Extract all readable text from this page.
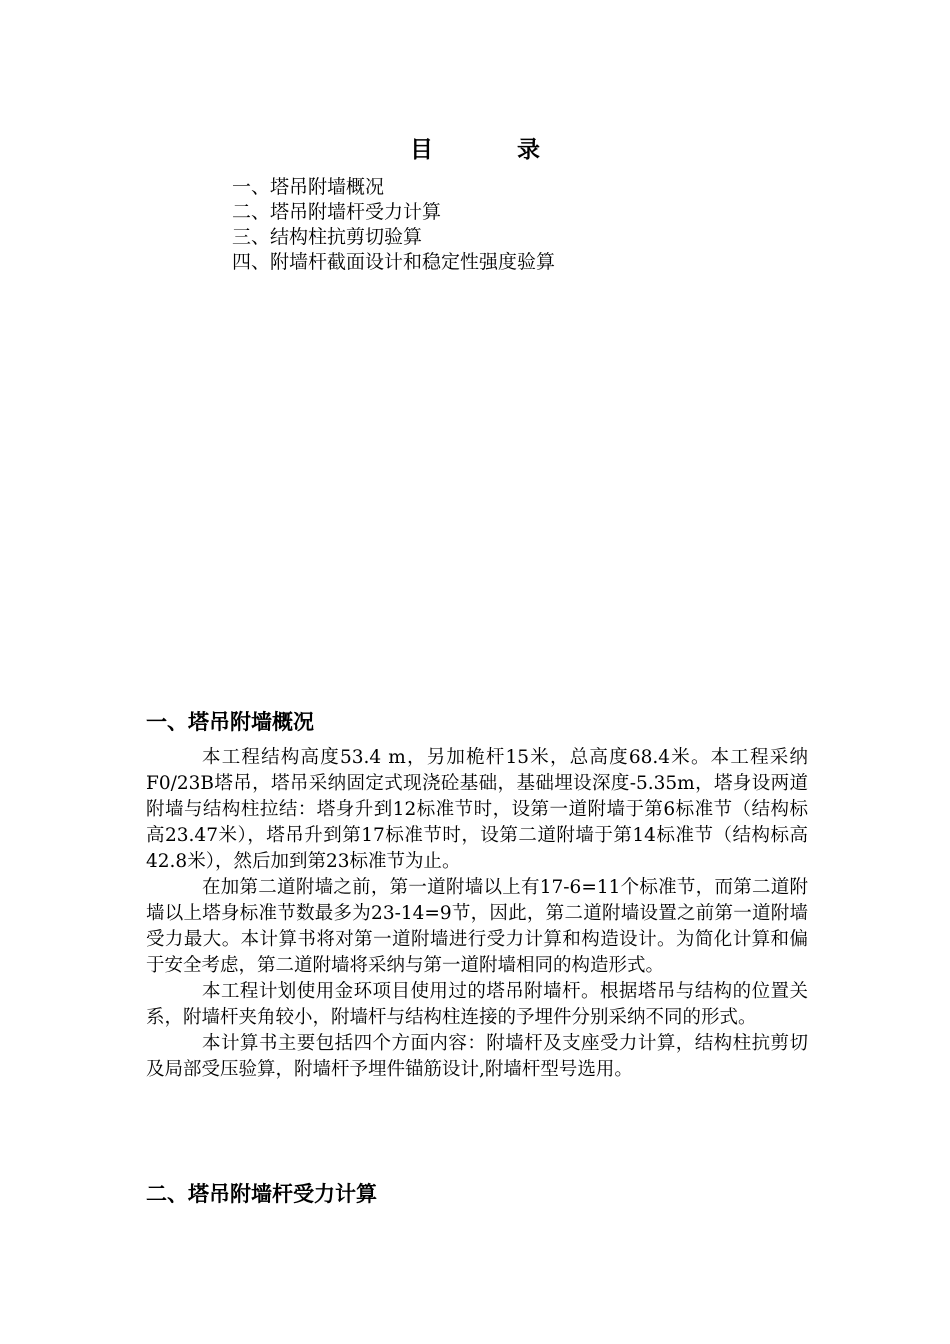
目 录
一、塔吊附墙概况
二、塔吊附墙杆受力计算
三、结构柱抗剪切验算
四、附墙杆截面设计和稳定性强度验算
一、塔吊附墙概况

本工程结构高度53.4 m，另加桅杆15米，总高度68.4米。本工程采纳F0/23B塔吊，塔吊采纳固定式现浇砼基础，基础埋设深度-5.35m，塔身设两道附墙与结构柱拉结：塔身升到12标准节时，设第一道附墙于第6标准节（结构标高23.47米），塔吊升到第17标准节时，设第二道附墙于第14标准节（结构标高42.8米），然后加到第23标准节为止。

在加第二道附墙之前，第一道附墙以上有17-6=11个标准节，而第二道附墙以上塔身标准节数最多为23-14=9节，因此，第二道附墙设置之前第一道附墙受力最大。本计算书将对第一道附墙进行受力计算和构造设计。为简化计算和偏于安全考虑，第二道附墙将采纳与第一道附墙相同的构造形式。

本工程计划使用金环项目使用过的塔吊附墙杆。根据塔吊与结构的位置关系，附墙杆夹角较小，附墙杆与结构柱连接的予埋件分别采纳不同的形式。

本计算书主要包括四个方面内容：附墙杆及支座受力计算，结构柱抗剪切及局部受压验算，附墙杆予埋件锚筋设计,附墙杆型号选用。

二、塔吊附墙杆受力计算
